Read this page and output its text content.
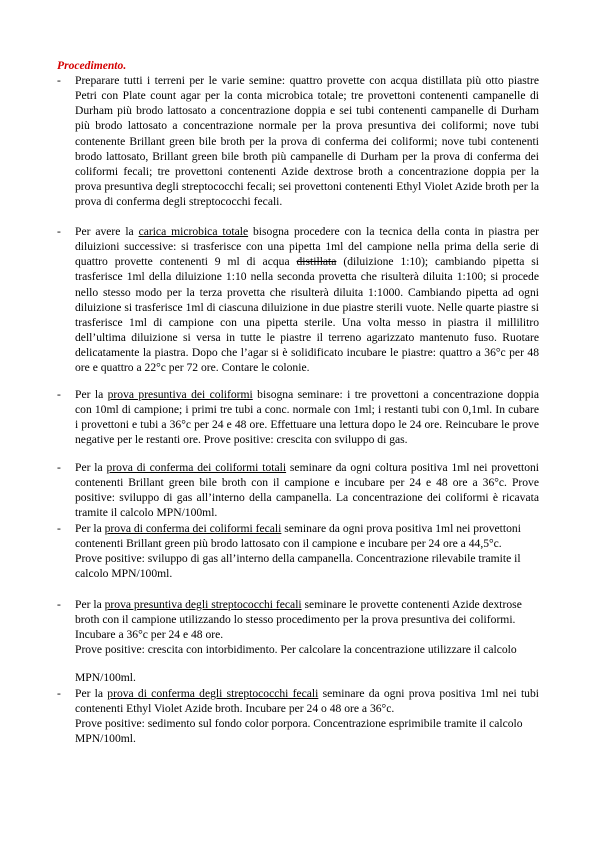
Procedimento.
-	Preparare tutti i terreni per le varie semine: quattro provette con acqua distillata più otto piastre Petri con Plate count agar per la conta microbica totale; tre provettoni contenenti campanelle di Durham più brodo lattosato a concentrazione doppia e sei tubi contenenti campanelle di Durham più brodo lattosato a concentrazione normale per la prova presuntiva dei coliformi; nove tubi contenente Brillant green bile broth per la prova di conferma dei coliformi; nove tubi contenenti brodo lattosato, Brillant green bile broth più campanelle di Durham per la prova di conferma dei coliformi fecali; tre provettoni contenenti Azide dextrose broth a concentrazione doppia per la prova presuntiva degli streptococchi fecali; sei provettoni contenenti Ethyl Violet Azide broth per la prova di conferma degli streptococchi fecali.
-	Per avere la carica microbica totale bisogna procedere con la tecnica della conta in piastra per diluizioni successive: si trasferisce con una pipetta 1ml del campione nella prima della serie di quattro provette contenenti 9 ml di acqua distillata (diluizione 1:10); cambiando pipetta si trasferisce 1ml della diluizione 1:10 nella seconda provetta che risulterà diluita 1:100; si procede nello stesso modo per la terza provetta che risulterà diluita 1:1000. Cambiando pipetta ad ogni diluizione si trasferisce 1ml di ciascuna diluizione in due piastre sterili vuote. Nelle quarte piastre si trasferisce 1ml di campione con una pipetta sterile. Una volta messo in piastra il millilitro dell’ultima diluizione si versa in tutte le piastre il terreno agarizzato mantenuto fuso. Ruotare delicatamente la piastra. Dopo che l’agar si è solidificato incubare le piastre: quattro a 36°c per 48 ore e quattro a 22°c per 72 ore. Contare le colonie.
-	Per la prova presuntiva dei coliformi bisogna seminare: i tre provettoni a concentrazione doppia con 10ml di campione; i primi tre tubi a conc. normale con 1ml; i restanti tubi con 0,1ml. In cubare i provettoni e tubi a 36°c per 24 e 48 ore. Effettuare una lettura dopo le 24 ore. Reincubare le prove negative per le restanti ore. Prove positive: crescita con sviluppo di gas.
-	Per la prova di conferma dei coliformi totali seminare da ogni coltura positiva 1ml nei provettoni contenenti Brillant green bile broth con il campione e incubare per 24 e 48 ore a 36°c. Prove positive: sviluppo di gas all’interno della campanella. La concentrazione dei coliformi è ricavata tramite il calcolo MPN/100ml.
-	Per la prova di conferma dei coliformi fecali seminare da ogni prova positiva 1ml nei provettoni contenenti Brillant green più brodo lattosato con il campione e incubare per 24 ore a 44,5°c.
Prove positive: sviluppo di gas all’interno della campanella. Concentrazione rilevabile tramite il calcolo MPN/100ml.
-	Per la prova presuntiva degli streptococchi fecali seminare le provette contenenti Azide dextrose broth con il campione utilizzando lo stesso procedimento per la prova presuntiva dei coliformi. Incubare a 36°c per 24 e 48 ore.
Prove positive: crescita con intorbidimento. Per calcolare la concentrazione utilizzare il calcolo
MPN/100ml.
-	Per la prova di conferma degli streptococchi fecali seminare da ogni prova positiva 1ml nei tubi contenenti Ethyl Violet Azide broth. Incubare per 24 o 48 ore a 36°c.
Prove positive: sedimento sul fondo color porpora. Concentrazione esprimibile tramite il calcolo MPN/100ml.
